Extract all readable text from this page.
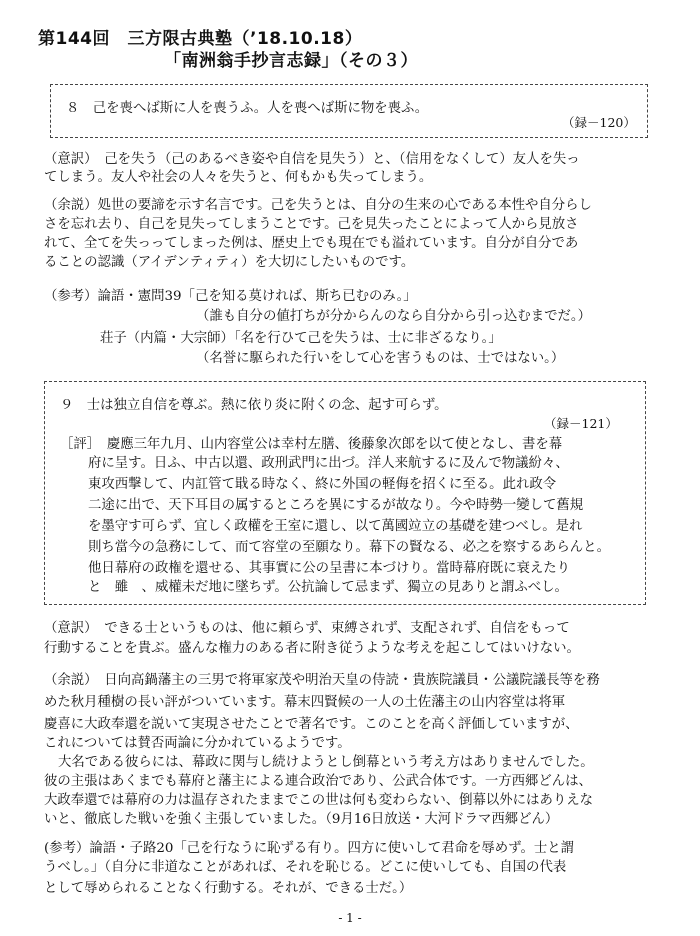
第144回　三方限古典塾（’18.10.18）
「南洲翁手抄言志録」（その３）
８　己を喪へば斯に人を喪うふ。人を喪へば斯に物を喪ふ。
（録－120）
（意訳）　己を失う（己のあるべき姿や自信を見失う）と、（信用をなくして）友人を失っ
てしまう。友人や社会の人々を失うと、何もかも失ってしまう。
（余説）処世の要諦を示す名言です。己を失うとは、自分の生来の心である本性や自分らし
さを忘れ去り、自己を見失ってしまうことです。己を見失ったことによって人から見放さ
れて、全てを失っってしまった例は、歴史上でも現在でも溢れています。自分が自分であ
ることの認識（アイデンティティ）を大切にしたいものです。
（参考）論語・憲問39「己を知る莫ければ、斯ち已むのみ。」
（誰も自分の値打ちが分からんのなら自分から引っ込むまでだ。）
荘子（内篇・大宗師）「名を行ひて己を失うは、士に非ざるなり。」
（名誉に駆られた行いをして心を害うものは、士ではない。）
９　士は独立自信を尊ぶ。熱に依り炎に附くの念、起す可らず。
（録－121）
［評］　慶應三年九月、山内容堂公は幸村左膳、後藤象次郎を以て使となし、書を幕
府に呈す。日ふ、中古以還、政刑武門に出づ。洋人来航するに及んで物議紛々、
東攻西撃して、内訌管て戢る時なく、終に外国の軽侮を招くに至る。此れ政令
二途に出で、天下耳目の属するところを異にするが故なり。今や時勢一變して舊規
を墨守す可らず、宜しく政權を王室に還し、以て萬國竝立の基礎を建つべし。是れ
則ち當今の急務にして、而て容堂の至願なり。幕下の賢なる、必之を察するあらんと。
他日幕府の政権を還せる、其事實に公の呈書に本づけり。當時幕府既に衰えたり
と　雖　、威權未だ地に墜ちず。公抗論して忌まず、獨立の見ありと謂ふべし。
（意訳）　できる士というものは、他に頼らず、束縛されず、支配されず、自信をもって
行動することを貴ぶ。盛んな権力のある者に附き従うような考えを起こしてはいけない。
（余説）　日向高鍋藩主の三男で将軍家茂や明治天皇の侍読・貴族院議員・公議院議長等を務
めた秋月種樹の長い評がついています。幕末四賢候の一人の土佐藩主の山内容堂は将軍
慶喜に大政奉還を説いて実現させたことで著名です。このことを高く評価していますが、
これについては賛否両論に分かれているようです。
大名である彼らには、幕政に関与し続けようとし倒幕という考え方はありませんでした。
彼の主張はあくまでも幕府と藩主による連合政治であり、公武合体です。一方西郷どんは、
大政奉還では幕府の力は温存されたままでこの世は何も変わらない、倒幕以外にはありえな
いと、徹底した戦いを強く主張していました。（9月16日放送・大河ドラマ西郷どん）
(参考）論語・子路20「己を行なうに恥ずる有り。四方に使いして君命を辱めず。士と謂
うべし。」（自分に非道なことがあれば、それを恥じる。どこに使いしても、自国の代表
として辱められることなく行動する。それが、できる士だ。）
- 1 -
